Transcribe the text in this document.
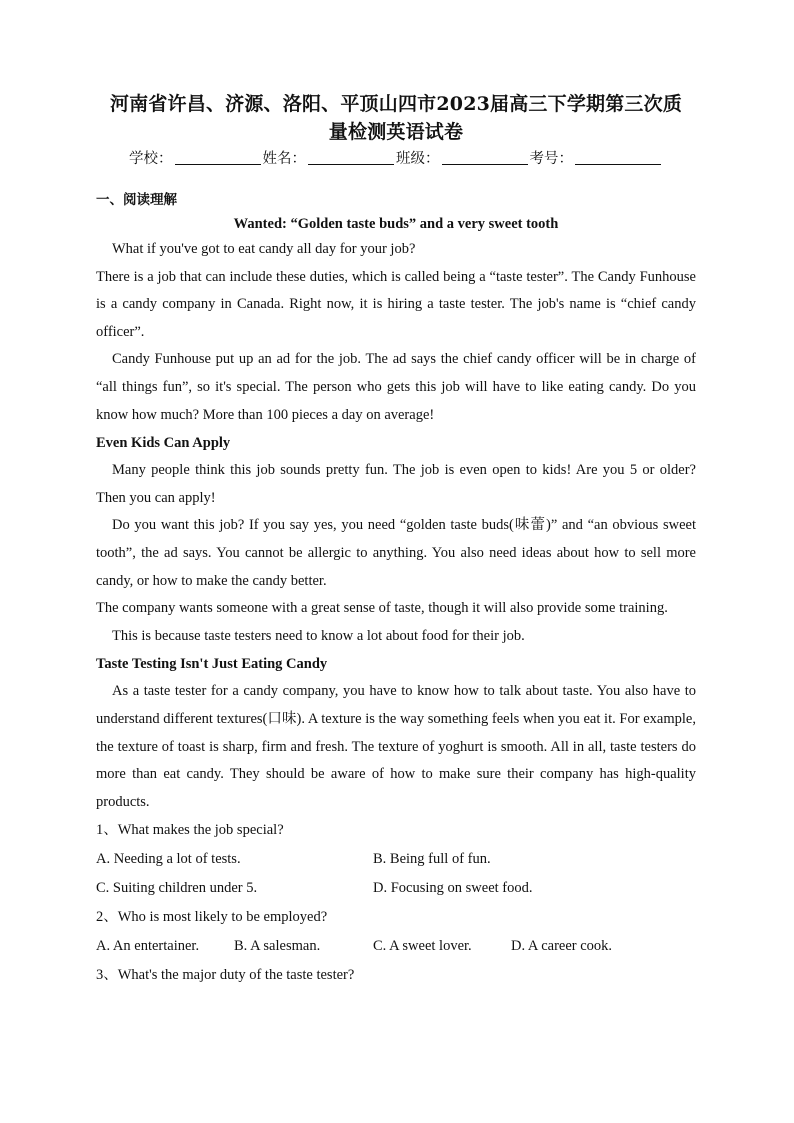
河南省许昌、济源、洛阳、平顶山四市2023届高三下学期第三次质
量检测英语试卷
学校：	姓名：	班级：	考号：
一、阅读理解
Wanted: “Golden taste buds” and a very sweet tooth

What if you've got to eat candy all day for your job?

There is a job that can include these duties, which is called being a “taste tester”. The Candy Funhouse is a candy company in Canada. Right now, it is hiring a taste tester. The job's name is “chief candy officer”.

Candy Funhouse put up an ad for the job. The ad says the chief candy officer will be in charge of “all things fun”, so it's special. The person who gets this job will have to like eating candy. Do you know how much? More than 100 pieces a day on average!

Even Kids Can Apply

Many people think this job sounds pretty fun. The job is even open to kids! Are you 5 or older? Then you can apply!

Do you want this job? If you say yes, you need “golden taste buds(味蕾)” and “an obvious sweet tooth”, the ad says. You cannot be allergic to anything. You also need ideas about how to sell more candy, or how to make the candy better.

The company wants someone with a great sense of taste, though it will also provide some training.

This is because taste testers need to know a lot about food for their job.

Taste Testing Isn't Just Eating Candy

As a taste tester for a candy company, you have to know how to talk about taste. You also have to understand different textures(口味). A texture is the way something feels when you eat it. For example, the texture of toast is sharp, firm and fresh. The texture of yoghurt is smooth. All in all, taste testers do more than eat candy. They should be aware of how to make sure their company has high-quality products.

1、What makes the job special?
A. Needing a lot of tests.	B. Being full of fun.
C. Suiting children under 5.	D. Focusing on sweet food.
2、Who is most likely to be employed?
A. An entertainer.	B. A salesman.	C. A sweet lover.	D. A career cook.
3、What's the major duty of the taste tester?
